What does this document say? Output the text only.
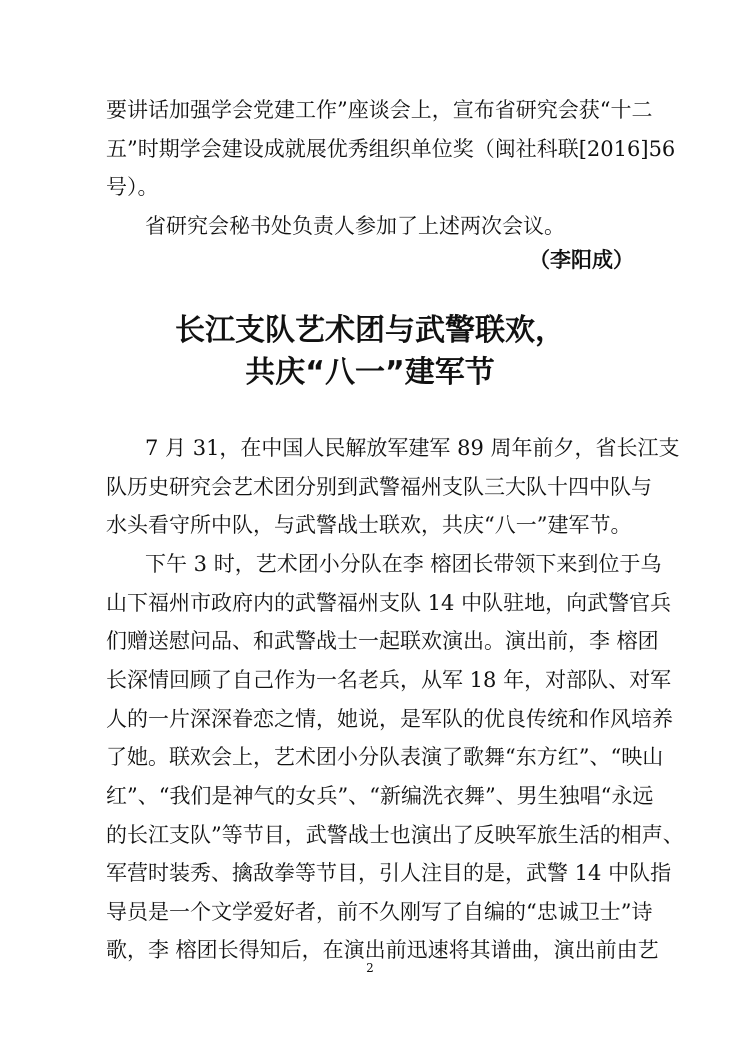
要讲话加强学会党建工作”座谈会上，宣布省研究会获“十二
五”时期学会建设成就展优秀组织单位奖（闽社科联[2016]56
号）。
省研究会秘书处负责人参加了上述两次会议。
（李阳成）
长江支队艺术团与武警联欢，
共庆“八一”建军节
7 月 31，在中国人民解放军建军 89 周年前夕，省长江支
队历史研究会艺术团分别到武警福州支队三大队十四中队与
水头看守所中队，与武警战士联欢，共庆“八一”建军节。
下午 3 时，艺术团小分队在李 榕团长带领下来到位于乌
山下福州市政府内的武警福州支队 14 中队驻地，向武警官兵
们赠送慰问品、和武警战士一起联欢演出。演出前，李 榕团
长深情回顾了自己作为一名老兵，从军 18 年，对部队、对军
人的一片深深眷恋之情，她说，是军队的优良传统和作风培养
了她。联欢会上，艺术团小分队表演了歌舞“东方红”、“映山
红”、“我们是神气的女兵”、“新编洗衣舞”、男生独唱“永远
的长江支队”等节目，武警战士也演出了反映军旅生活的相声、
军营时装秀、擒敌拳等节目，引人注目的是，武警 14 中队指
导员是一个文学爱好者，前不久刚写了自编的“忠诚卫士”诗
歌，李 榕团长得知后，在演出前迅速将其谱曲，演出前由艺
2
